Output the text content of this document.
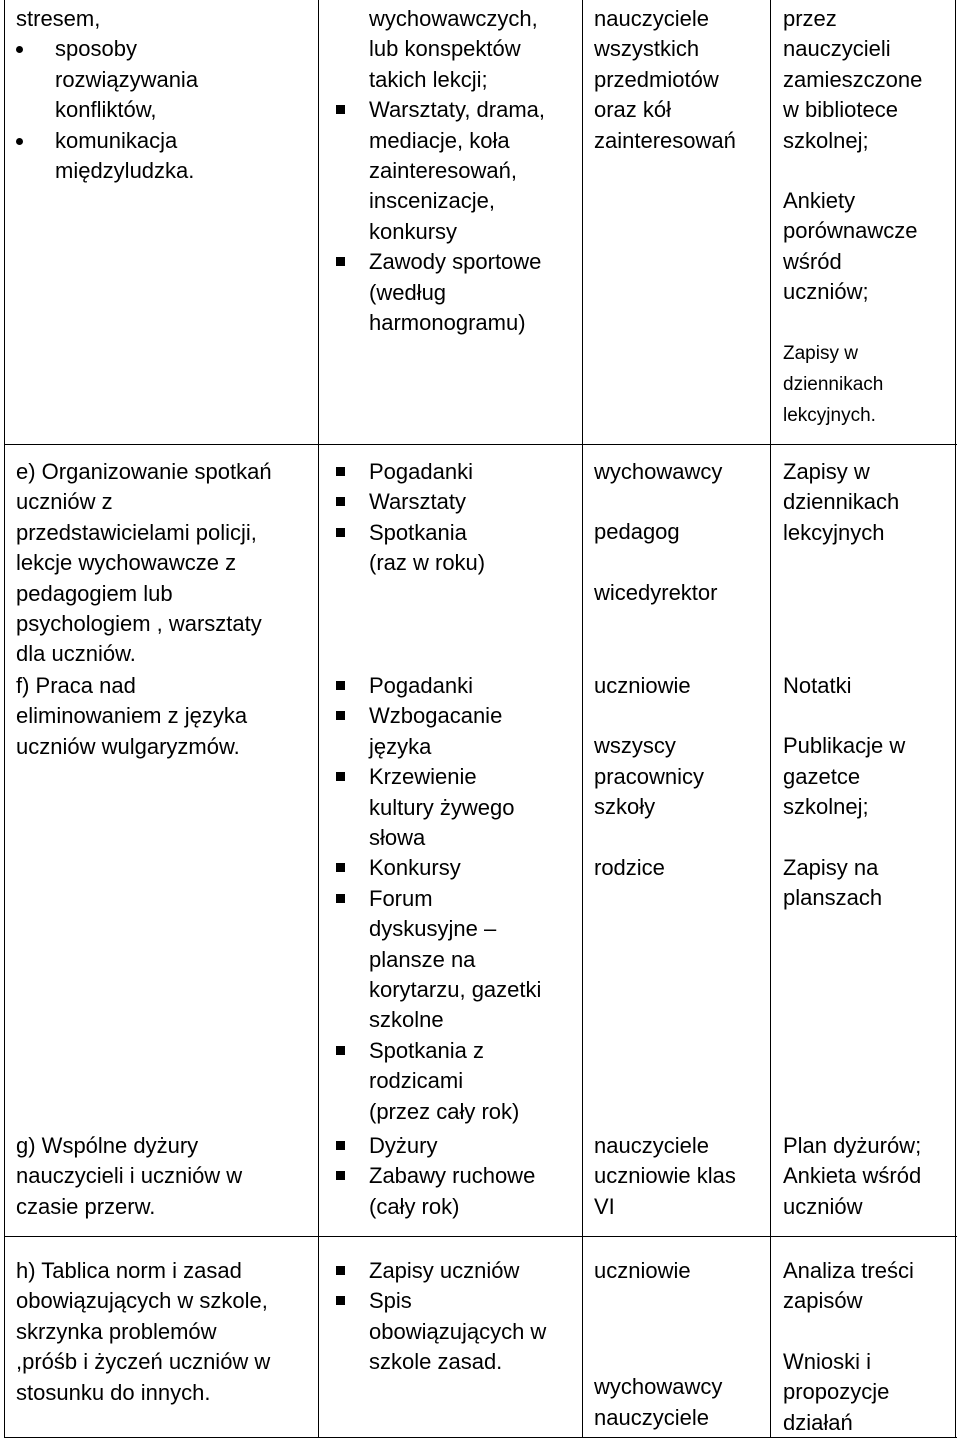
stresem,
sposoby
rozwiązywania
konfliktów,
komunikacja
międzyludzka.
wychowawczych,
lub konspektów
takich lekcji;
Warsztaty, drama,
mediacje, koła
zainteresowań,
inscenizacje,
konkursy
Zawody sportowe
(według
harmonogramu)
nauczyciele
wszystkich
przedmiotów
oraz kół
zainteresowań
przez
nauczycieli
zamieszczone
w bibliotece
szkolnej;
Ankiety
porównawcze
wśród
uczniów;
Zapisy w
dziennikach
lekcyjnych.
e) Organizowanie spotkań
uczniów z
przedstawicielami policji,
lekcje wychowawcze z
pedagogiem lub
psychologiem , warsztaty
dla uczniów.
f) Praca nad
eliminowaniem z języka
uczniów wulgaryzmów.
g) Wspólne dyżury
nauczycieli i uczniów w
czasie przerw.
Pogadanki
Warsztaty
Spotkania
(raz w roku)
Pogadanki
Wzbogacanie
języka
Krzewienie
kultury żywego
słowa
Konkursy
Forum
dyskusyjne –
plansze na
korytarzu, gazetki
szkolne
Spotkania z
rodzicami
(przez cały rok)
Dyżury
Zabawy ruchowe
(cały rok)
wychowawcy
pedagog
wicedyrektor
uczniowie
wszyscy
pracownicy
szkoły
rodzice
nauczyciele
uczniowie klas
VI
Zapisy w
dziennikach
lekcyjnych
Notatki
Publikacje w
gazetce
szkolnej;
Zapisy na
planszach
Plan dyżurów;
Ankieta wśród
uczniów
h) Tablica norm i zasad
obowiązujących w szkole,
skrzynka problemów
,próśb i życzeń uczniów w
stosunku do innych.
Zapisy uczniów
Spis
obowiązujących w
szkole zasad.
uczniowie
wychowawcy
nauczyciele
Analiza treści
zapisów
Wnioski i
propozycje
działań
